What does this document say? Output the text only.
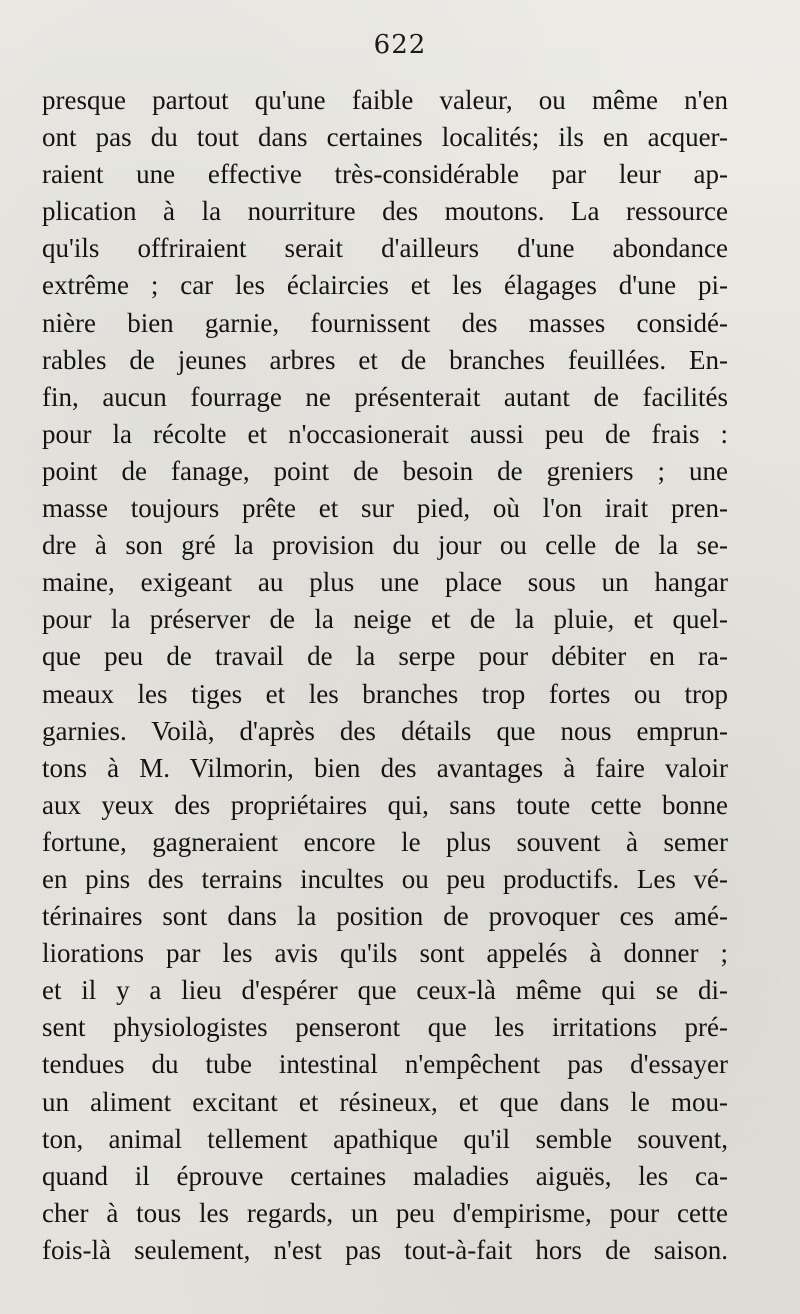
622
presque partout qu'une faible valeur, ou même n'en
ont pas du tout dans certaines localités; ils en acquer-
raient une effective très-considérable par leur ap-
plication à la nourriture des moutons. La ressource
qu'ils offriraient serait d'ailleurs d'une abondance
extrême ; car les éclaircies et les élagages d'une pi-
nière bien garnie, fournissent des masses considé-
rables de jeunes arbres et de branches feuillées. En-
fin, aucun fourrage ne présenterait autant de facilités
pour la récolte et n'occasionerait aussi peu de frais :
point de fanage, point de besoin de greniers ; une
masse toujours prête et sur pied, où l'on irait pren-
dre à son gré la provision du jour ou celle de la se-
maine, exigeant au plus une place sous un hangar
pour la préserver de la neige et de la pluie, et quel-
que peu de travail de la serpe pour débiter en ra-
meaux les tiges et les branches trop fortes ou trop
garnies. Voilà, d'après des détails que nous emprun-
tons à M. Vilmorin, bien des avantages à faire valoir
aux yeux des propriétaires qui, sans toute cette bonne
fortune, gagneraient encore le plus souvent à semer
en pins des terrains incultes ou peu productifs. Les vé-
térinaires sont dans la position de provoquer ces amé-
liorations par les avis qu'ils sont appelés à donner ;
et il y a lieu d'espérer que ceux-là même qui se di-
sent physiologistes penseront que les irritations pré-
tendues du tube intestinal n'empêchent pas d'essayer
un aliment excitant et résineux, et que dans le mou-
ton, animal tellement apathique qu'il semble souvent,
quand il éprouve certaines maladies aiguës, les ca-
cher à tous les regards, un peu d'empirisme, pour cette
fois-là seulement, n'est pas tout-à-fait hors de saison.
